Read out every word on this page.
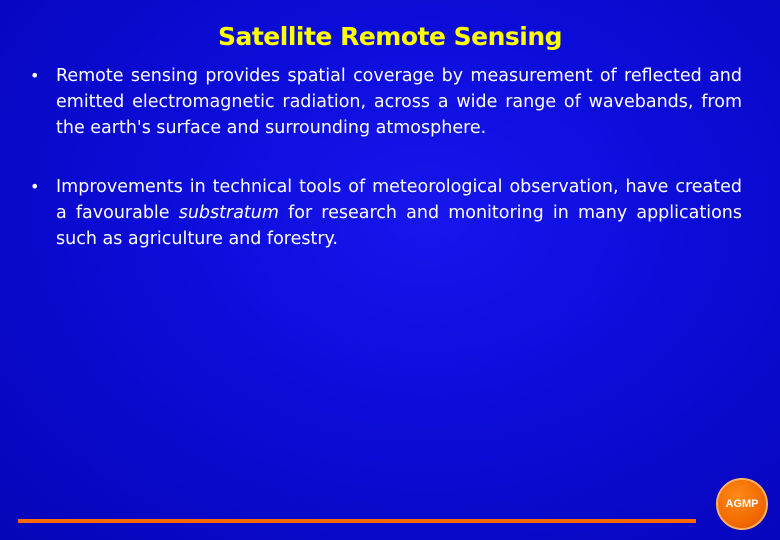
Satellite Remote Sensing
• Remote sensing provides spatial coverage by measurement of reflected and emitted electromagnetic radiation, across a wide range of wavebands, from the earth's surface and surrounding atmosphere.
• Improvements in technical tools of meteorological observation, have created a favourable substratum for research and monitoring in many applications such as agriculture and forestry.
AGMP
